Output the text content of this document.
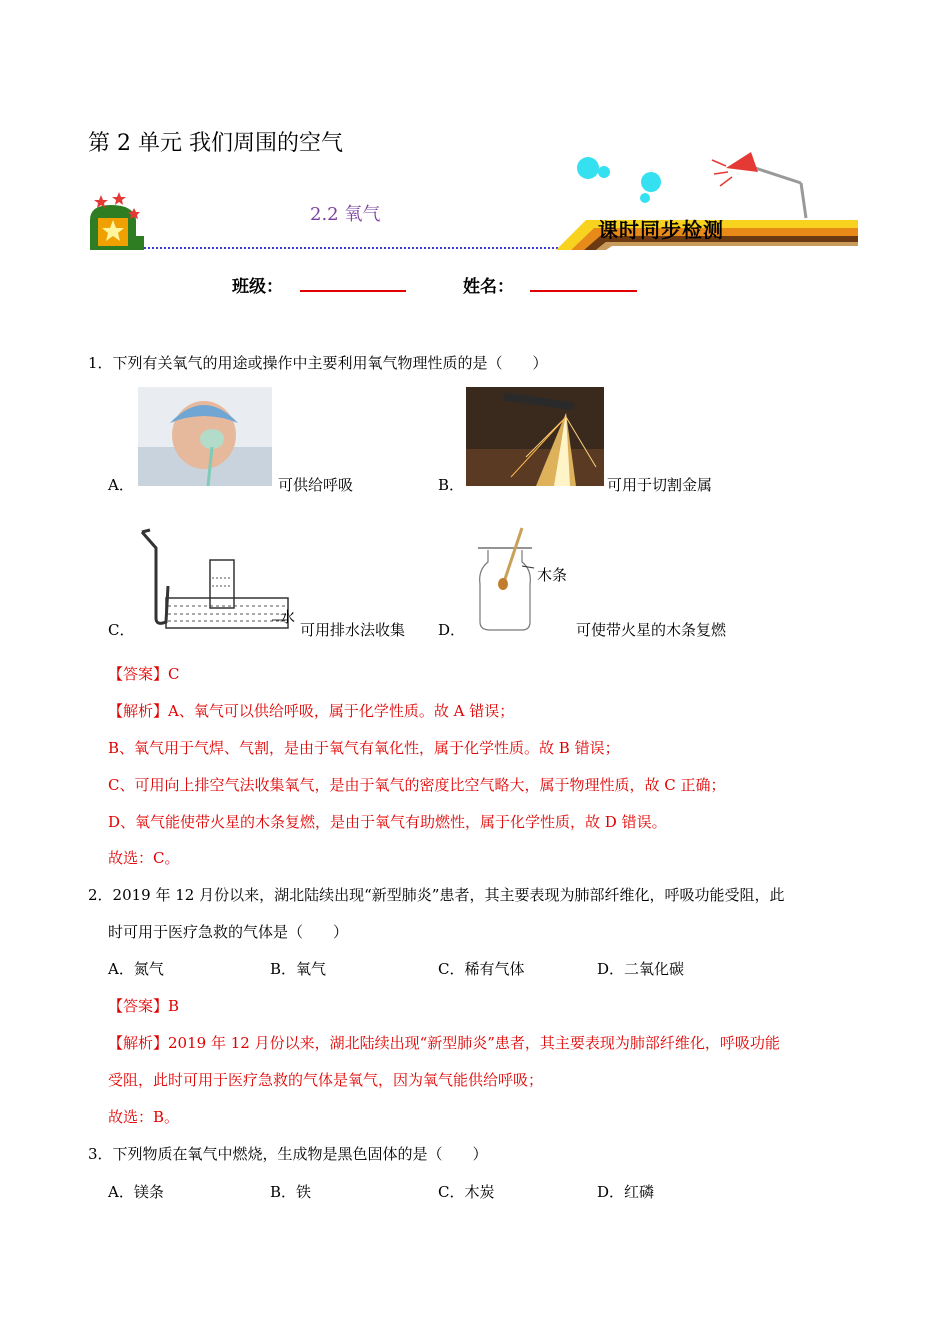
第 2 单元 我们周围的空气
2.2 氧气
课时同步检测
班级：	姓名：
1．下列有关氧气的用途或操作中主要利用氧气物理性质的是（　　）
A．	可供给呼吸	B．	可用于切割金属
C．
水
可用排水法收集 D．
木条
可使带火星的木条复燃
【答案】C
【解析】A、氧气可以供给呼吸，属于化学性质。故 A 错误；
B、氧气用于气焊、气割，是由于氧气有氧化性，属于化学性质。故 B 错误；
C、可用向上排空气法收集氧气，是由于氧气的密度比空气略大，属于物理性质，故 C 正确；
D、氧气能使带火星的木条复燃，是由于氧气有助燃性，属于化学性质，故 D 错误。
故选：C。
2．2019 年 12 月份以来，湖北陆续出现“新型肺炎”患者，其主要表现为肺部纤维化，呼吸功能受阻，此
时可用于医疗急救的气体是（　　）
A．氮气	B．氧气	C．稀有气体	D．二氧化碳
【答案】B
【解析】2019 年 12 月份以来，湖北陆续出现“新型肺炎”患者，其主要表现为肺部纤维化，呼吸功能
受阻，此时可用于医疗急救的气体是氧气，因为氧气能供给呼吸；
故选：B。
3．下列物质在氧气中燃烧，生成物是黑色固体的是（　　）
A．镁条	B．铁	C．木炭	D．红磷
